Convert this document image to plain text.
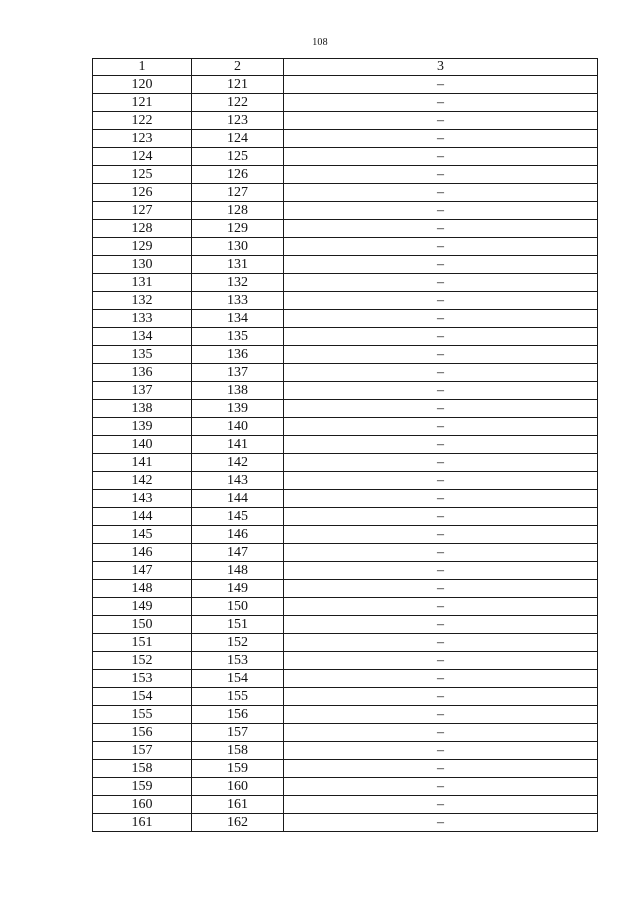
108
1	2	3
120	121	–
121	122	–
122	123	–
123	124	–
124	125	–
125	126	–
126	127	–
127	128	–
128	129	–
129	130	–
130	131	–
131	132	–
132	133	–
133	134	–
134	135	–
135	136	–
136	137	–
137	138	–
138	139	–
139	140	–
140	141	–
141	142	–
142	143	–
143	144	–
144	145	–
145	146	–
146	147	–
147	148	–
148	149	–
149	150	–
150	151	–
151	152	–
152	153	–
153	154	–
154	155	–
155	156	–
156	157	–
157	158	–
158	159	–
159	160	–
160	161	–
161	162	–
